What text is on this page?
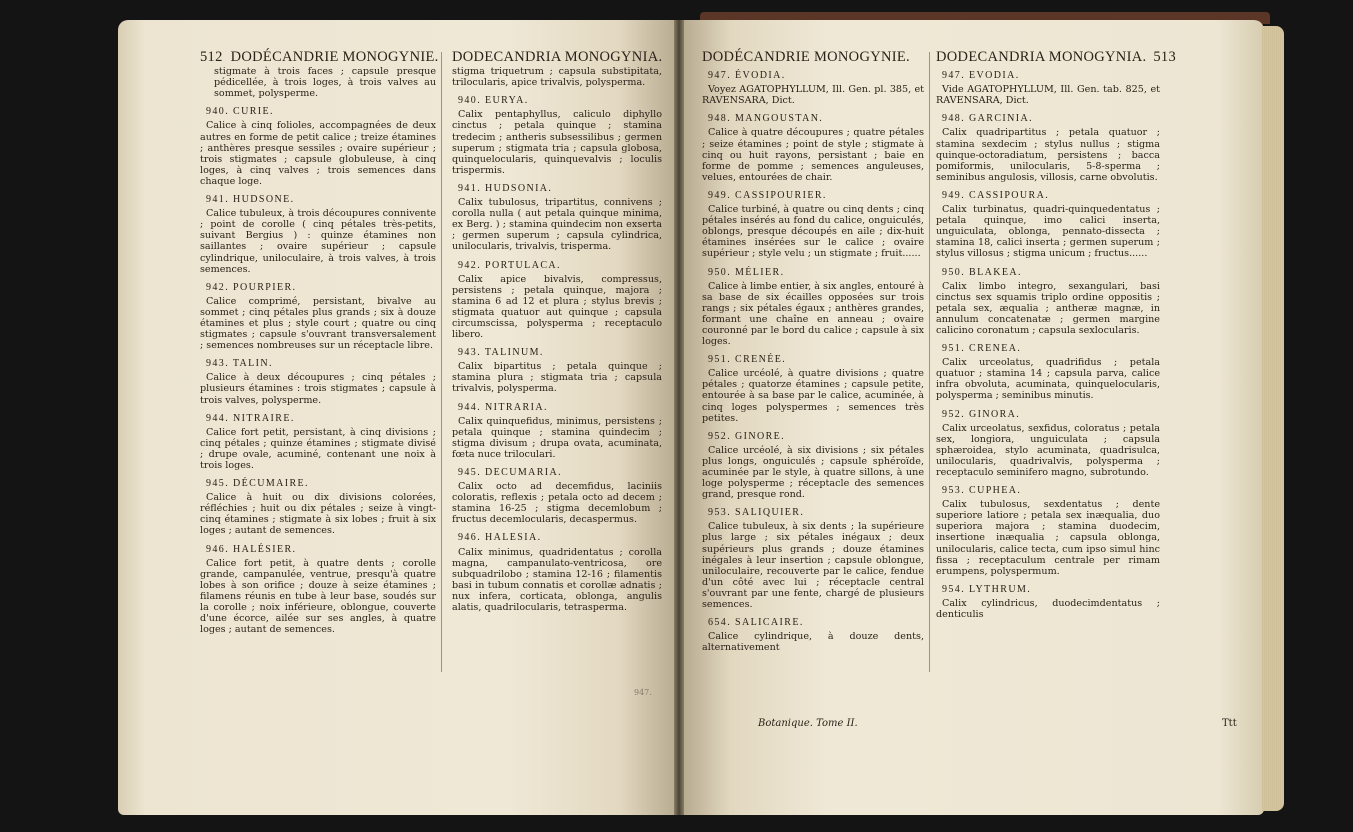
512 DODÉCANDRIE MONOGYNIE.

stigmate à trois faces ; capsule presque pédicellée, à trois loges, à trois valves au sommet, polysperme.

940. CURIE.

Calice à cinq folioles, accompagnées de deux autres en forme de petit calice ; treize étamines ; anthères presque sessiles ; ovaire supérieur ; trois stigmates ; capsule globuleuse, à cinq loges, à cinq valves ; trois semences dans chaque loge.

941. HUDSONE.

Calice tubuleux, à trois découpures connivente ; point de corolle ( cinq pétales très-petits, suivant Bergius ) : quinze étamines non saillantes ; ovaire supérieur ; capsule cylindrique, uniloculaire, à trois valves, à trois semences.

942. POURPIER.

Calice comprimé, persistant, bivalve au sommet ; cinq pétales plus grands ; six à douze étamines et plus ; style court ; quatre ou cinq stigmates ; capsule s'ouvrant transversalement ; semences nombreuses sur un réceptacle libre.

943. TALIN.

Calice à deux découpures ; cinq pétales ; plusieurs étamines : trois stigmates ; capsule à trois valves, polysperme.

944. NITRAIRE.

Calice fort petit, persistant, à cinq divisions ; cinq pétales ; quinze étamines ; stigmate divisé ; drupe ovale, acuminé, contenant une noix à trois loges.

945. DÉCUMAIRE.

Calice à huit ou dix divisions colorées, réfléchies ; huit ou dix pétales ; seize à vingt-cinq étamines ; stigmate à six lobes ; fruit à six loges ; autant de semences.

946. HALÉSIER.

Calice fort petit, à quatre dents ; corolle grande, campanulée, ventrue, presqu'à quatre lobes à son orifice ; douze à seize étamines ; filamens réunis en tube à leur base, soudés sur la corolle ; noix inférieure, oblongue, couverte d'une écorce, ailée sur ses angles, à quatre loges ; autant de semences.

DODECANDRIA MONOGYNIA.

stigma triquetrum ; capsula substipitata, trilocularis, apice trivalvis, polysperma.

940. EURYA.

Calix pentaphyllus, caliculo diphyllo cinctus ; petala quinque ; stamina tredecim ; antheris subsessilibus ; germen superum ; stigmata tria ; capsula globosa, quinquelocularis, quinquevalvis ; loculis trispermis.

941. HUDSONIA.

Calix tubulosus, tripartitus, connivens ; corolla nulla ( aut petala quinque minima, ex Berg. ) ; stamina quindecim non exserta ; germen superum ; capsula cylindrica, unilocularis, trivalvis, trisperma.

942. PORTULACA.

Calix apice bivalvis, compressus, persistens ; petala quinque, majora ; stamina 6 ad 12 et plura ; stylus brevis ; stigmata quatuor aut quinque ; capsula circumscissa, polysperma ; receptaculo libero.

943. TALINUM.

Calix bipartitus ; petala quinque ; stamina plura ; stigmata tria ; capsula trivalvis, polysperma.

944. NITRARIA.

Calix quinquefidus, minimus, persistens ; petala quinque ; stamina quindecim ; stigma divisum ; drupa ovata, acuminata, fœta nuce triloculari.

945. DECUMARIA.

Calix octo ad decemfidus, laciniis coloratis, reflexis ; petala octo ad decem ; stamina 16-25 ; stigma decemlobum ; fructus decemlocularis, decaspermus.

946. HALESIA.

Calix minimus, quadridentatus ; corolla magna, campanulato-ventricosa, ore subquadrilobo ; stamina 12-16 ; filamentis basi in tubum connatis et corollæ adnatis ; nux infera, corticata, oblonga, angulis alatis, quadrilocularis, tetrasperma.

947.
DODÉCANDRIE MONOGYNIE.
947. ÉVODIA.

Voyez AGATOPHYLLUM, Ill. Gen. pl. 385, et RAVENSARA, Dict.

948. MANGOUSTAN.

Calice à quatre découpures ; quatre pétales ; seize étamines ; point de style ; stigmate à cinq ou huit rayons, persistant ; baie en forme de pomme ; semences anguleuses, velues, entourées de chair.

949. CASSIPOURIER.

Calice turbiné, à quatre ou cinq dents ; cinq pétales insérés au fond du calice, onguiculés, oblongs, presque découpés en aile ; dix-huit étamines insérées sur le calice ; ovaire supérieur ; style velu ; un stigmate ; fruit......

950. MÉLIER.

Calice à limbe entier, à six angles, entouré à sa base de six écailles opposées sur trois rangs ; six pétales égaux ; anthères grandes, formant une chaîne en anneau ; ovaire couronné par le bord du calice ; capsule à six loges.

951. CRENÉE.

Calice urcéolé, à quatre divisions ; quatre pétales ; quatorze étamines ; capsule petite, entourée à sa base par le calice, acuminée, à cinq loges polyspermes ; semences très petites.

952. GINORE.

Calice urcéolé, à six divisions ; six pétales plus longs, onguiculés ; capsule sphéroïde, acuminée par le style, à quatre sillons, à une loge polysperme ; réceptacle des semences grand, presque rond.

953. SALIQUIER.

Calice tubuleux, à six dents ; la supérieure plus large ; six pétales inégaux ; deux supérieurs plus grands ; douze étamines inégales à leur insertion ; capsule oblongue, uniloculaire, recouverte par le calice, fendue d'un côté avec lui ; réceptacle central s'ouvrant par une fente, chargé de plusieurs semences.

654. SALICAIRE.

Calice cylindrique, à douze dents, alternativement

Botanique. Tome II.
DODECANDRIA MONOGYNIA. 513
947. EVODIA.

Vide AGATOPHYLLUM, Ill. Gen. tab. 825, et RAVENSARA, Dict.

948. GARCINIA.

Calix quadripartitus ; petala quatuor ; stamina sexdecim ; stylus nullus ; stigma quinque-octoradiatum, persistens ; bacca pomiformis, unilocularis, 5-8-sperma ; seminibus angulosis, villosis, carne obvolutis.

949. CASSIPOURA.

Calix turbinatus, quadri-quinquedentatus ; petala quinque, imo calici inserta, unguiculata, oblonga, pennato-dissecta ; stamina 18, calici inserta ; germen superum ; stylus villosus ; stigma unicum ; fructus......

950. BLAKEA.

Calix limbo integro, sexangulari, basi cinctus sex squamis triplo ordine oppositis ; petala sex, æqualia ; antheræ magnæ, in annulum concatenatæ ; germen margine calicino coronatum ; capsula sexlocularis.

951. CRENEA.

Calix urceolatus, quadrifidus ; petala quatuor ; stamina 14 ; capsula parva, calice infra obvoluta, acuminata, quinquelocularis, polysperma ; seminibus minutis.

952. GINORA.

Calix urceolatus, sexfidus, coloratus ; petala sex, longiora, unguiculata ; capsula sphæroidea, stylo acuminata, quadrisulca, unilocularis, quadrivalvis, polysperma ; receptaculo seminifero magno, subrotundo.

953. CUPHEA.

Calix tubulosus, sexdentatus ; dente superiore latiore ; petala sex inæqualia, duo superiora majora ; stamina duodecim, insertione inæqualia ; capsula oblonga, unilocularis, calice tecta, cum ipso simul hinc fissa ; receptaculum centrale per rimam erumpens, polyspermum.

954. LYTHRUM.

Calix cylindricus, duodecimdentatus ; denticulis

Ttt
